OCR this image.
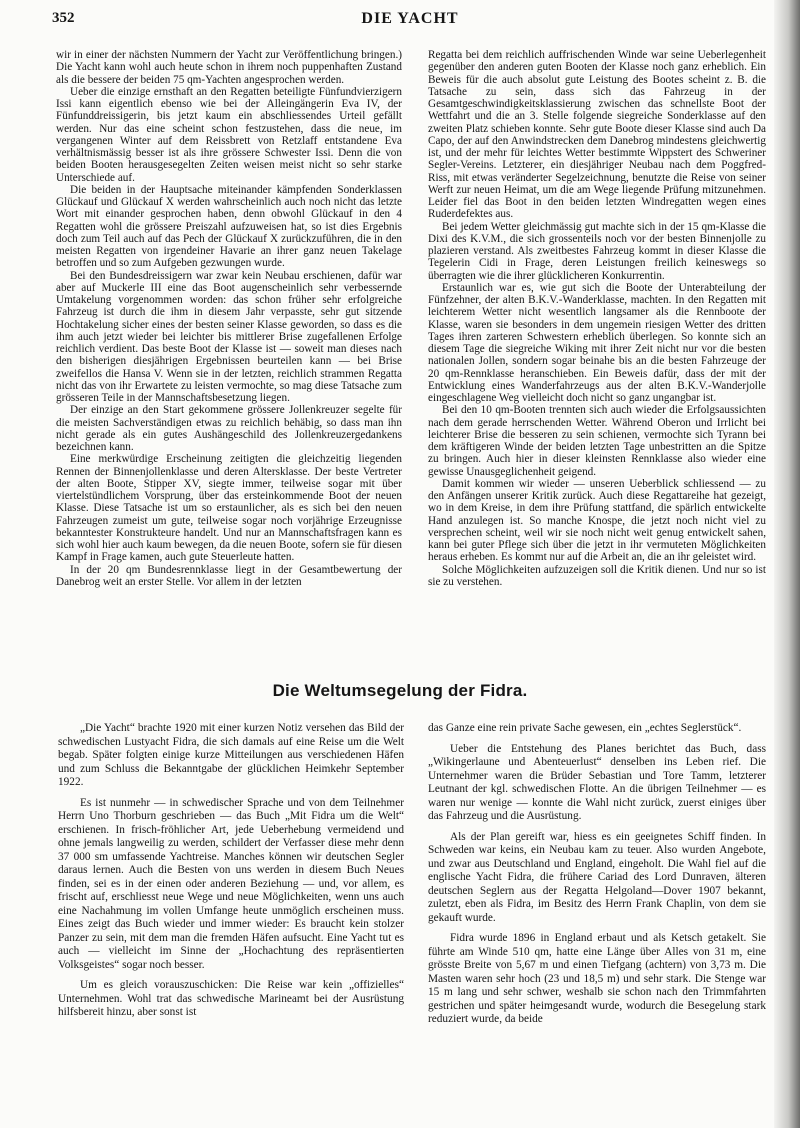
352	DIE YACHT

wir in einer der nächsten Nummern der Yacht zur Veröffentlichung bringen.) Die Yacht kann wohl auch heute schon in ihrem noch puppenhaften Zustand als die bessere der beiden 75 qm-Yachten angesprochen werden.

Ueber die einzige ernsthaft an den Regatten beteiligte Fünfundvierzigern Issi kann eigentlich ebenso wie bei der Alleingängerin Eva IV, der Fünfunddreissigerin, bis jetzt kaum ein abschliessendes Urteil gefällt werden. Nur das eine scheint schon festzustehen, dass die neue, im vergangenen Winter auf dem Reissbrett von Retzlaff entstandene Eva verhältnismässig besser ist als ihre grössere Schwester Issi. Denn die von beiden Booten herausgesegelten Zeiten weisen meist nicht so sehr starke Unterschiede auf.

Die beiden in der Hauptsache miteinander kämpfenden Sonderklassen Glückauf und Glückauf X werden wahrscheinlich auch noch nicht das letzte Wort mit einander gesprochen haben, denn obwohl Glückauf in den 4 Regatten wohl die grössere Preiszahl aufzuweisen hat, so ist dies Ergebnis doch zum Teil auch auf das Pech der Glückauf X zurückzuführen, die in den meisten Regatten von irgendeiner Havarie an ihrer ganz neuen Takelage betroffen und so zum Aufgeben gezwungen wurde.

Bei den Bundesdreissigern war zwar kein Neubau erschienen, dafür war aber auf Muckerle III eine das Boot augenscheinlich sehr verbessernde Umtakelung vorgenommen worden: das schon früher sehr erfolgreiche Fahrzeug ist durch die ihm in diesem Jahr verpasste, sehr gut sitzende Hochtakelung sicher eines der besten seiner Klasse geworden, so dass es die ihm auch jetzt wieder bei leichter bis mittlerer Brise zugefallenen Erfolge reichlich verdient. Das beste Boot der Klasse ist — soweit man dieses nach den bisherigen diesjährigen Ergebnissen beurteilen kann — bei Brise zweifellos die Hansa V. Wenn sie in der letzten, reichlich strammen Regatta nicht das von ihr Erwartete zu leisten vermochte, so mag diese Tatsache zum grösseren Teile in der Mannschaftsbesetzung liegen.

Der einzige an den Start gekommene grössere Jollenkreuzer segelte für die meisten Sachverständigen etwas zu reichlich behäbig, so dass man ihn nicht gerade als ein gutes Aushängeschild des Jollenkreuzergedankens bezeichnen kann.

Eine merkwürdige Erscheinung zeitigten die gleichzeitig liegenden Rennen der Binnenjollenklasse und deren Altersklasse. Der beste Vertreter der alten Boote, Stipper XV, siegte immer, teilweise sogar mit über viertelstündlichem Vorsprung, über das ersteinkommende Boot der neuen Klasse. Diese Tatsache ist um so erstaunlicher, als es sich bei den neuen Fahrzeugen zumeist um gute, teilweise sogar noch vorjährige Erzeugnisse bekanntester Konstrukteure handelt. Und nur an Mannschaftsfragen kann es sich wohl hier auch kaum bewegen, da die neuen Boote, sofern sie für diesen Kampf in Frage kamen, auch gute Steuerleute hatten.

In der 20 qm Bundesrennklasse liegt in der Gesamtbewertung der Danebrog weit an erster Stelle. Vor allem in der letzten

Regatta bei dem reichlich auffrischenden Winde war seine Ueberlegenheit gegenüber den anderen guten Booten der Klasse noch ganz erheblich. Ein Beweis für die auch absolut gute Leistung des Bootes scheint z. B. die Tatsache zu sein, dass sich das Fahrzeug in der Gesamtgeschwindigkeitsklassierung zwischen das schnellste Boot der Wettfahrt und die an 3. Stelle folgende siegreiche Sonderklasse auf den zweiten Platz schieben konnte. Sehr gute Boote dieser Klasse sind auch Da Capo, der auf den Anwindstrecken dem Danebrog mindestens gleichwertig ist, und der mehr für leichtes Wetter bestimmte Wippstert des Schweriner Segler-Vereins. Letzterer, ein diesjähriger Neubau nach dem Poggfred-Riss, mit etwas veränderter Segelzeichnung, benutzte die Reise von seiner Werft zur neuen Heimat, um die am Wege liegende Prüfung mitzunehmen. Leider fiel das Boot in den beiden letzten Windregatten wegen eines Ruderdefektes aus.

Bei jedem Wetter gleichmässig gut machte sich in der 15 qm-Klasse die Dixi des K.V.M., die sich grossenteils noch vor der besten Binnenjolle zu plazieren verstand. Als zweitbestes Fahrzeug kommt in dieser Klasse die Tegelerin Cidi in Frage, deren Leistungen freilich keineswegs so überragten wie die ihrer glücklicheren Konkurrentin.

Erstaunlich war es, wie gut sich die Boote der Unterabteilung der Fünfzehner, der alten B.K.V.-Wanderklasse, machten. In den Regatten mit leichterem Wetter nicht wesentlich langsamer als die Rennboote der Klasse, waren sie besonders in dem ungemein riesigen Wetter des dritten Tages ihren zarteren Schwestern erheblich überlegen. So konnte sich an diesem Tage die siegreiche Wiking mit ihrer Zeit nicht nur vor die besten nationalen Jollen, sondern sogar beinahe bis an die besten Fahrzeuge der 20 qm-Rennklasse heranschieben. Ein Beweis dafür, dass der mit der Entwicklung eines Wanderfahrzeugs aus der alten B.K.V.-Wanderjolle eingeschlagene Weg vielleicht doch nicht so ganz ungangbar ist.

Bei den 10 qm-Booten trennten sich auch wieder die Erfolgsaussichten nach dem gerade herrschenden Wetter. Während Oberon und Irrlicht bei leichterer Brise die besseren zu sein schienen, vermochte sich Tyrann bei dem kräftigeren Winde der beiden letzten Tage unbestritten an die Spitze zu bringen. Auch hier in dieser kleinsten Rennklasse also wieder eine gewisse Unausgeglichenheit geigend.

Damit kommen wir wieder — unseren Ueberblick schliessend — zu den Anfängen unserer Kritik zurück. Auch diese Regattareihe hat gezeigt, wo in dem Kreise, in dem ihre Prüfung stattfand, die spärlich entwickelte Hand anzulegen ist. So manche Knospe, die jetzt noch nicht viel zu versprechen scheint, weil wir sie noch nicht weit genug entwickelt sahen, kann bei guter Pflege sich über die jetzt in ihr vermuteten Möglichkeiten heraus erheben. Es kommt nur auf die Arbeit an, die an ihr geleistet wird.

Solche Möglichkeiten aufzuzeigen soll die Kritik dienen. Und nur so ist sie zu verstehen.

Die Weltumsegelung der Fidra.

„Die Yacht“ brachte 1920 mit einer kurzen Notiz versehen das Bild der schwedischen Lustyacht Fidra, die sich damals auf eine Reise um die Welt begab. Später folgten einige kurze Mitteilungen aus verschiedenen Häfen und zum Schluss die Bekanntgabe der glücklichen Heimkehr September 1922.

Es ist nunmehr — in schwedischer Sprache und von dem Teilnehmer Herrn Uno Thorburn geschrieben — das Buch „Mit Fidra um die Welt“ erschienen. In frisch-fröhlicher Art, jede Ueberhebung vermeidend und ohne jemals langweilig zu werden, schildert der Verfasser diese mehr denn 37 000 sm umfassende Yachtreise. Manches können wir deutschen Segler daraus lernen. Auch die Besten von uns werden in diesem Buch Neues finden, sei es in der einen oder anderen Beziehung — und, vor allem, es frischt auf, erschliesst neue Wege und neue Möglichkeiten, wenn uns auch eine Nachahmung im vollen Umfange heute unmöglich erscheinen muss. Eines zeigt das Buch wieder und immer wieder: Es braucht kein stolzer Panzer zu sein, mit dem man die fremden Häfen aufsucht. Eine Yacht tut es auch — vielleicht im Sinne der „Hochachtung des repräsentierten Volksgeistes“ sogar noch besser.

Um es gleich vorauszuschicken: Die Reise war kein „offizielles“ Unternehmen. Wohl trat das schwedische Marineamt bei der Ausrüstung hilfsbereit hinzu, aber sonst ist

das Ganze eine rein private Sache gewesen, ein „echtes Seglerstück“.

Ueber die Entstehung des Planes berichtet das Buch, dass „Wikingerlaune und Abenteuerlust“ denselben ins Leben rief. Die Unternehmer waren die Brüder Sebastian und Tore Tamm, letzterer Leutnant der kgl. schwedischen Flotte. An die übrigen Teilnehmer — es waren nur wenige — konnte die Wahl nicht zurück, zuerst einiges über das Fahrzeug und die Ausrüstung.

Als der Plan gereift war, hiess es ein geeignetes Schiff finden. In Schweden war keins, ein Neubau kam zu teuer. Also wurden Angebote, und zwar aus Deutschland und England, eingeholt. Die Wahl fiel auf die englische Yacht Fidra, die frühere Cariad des Lord Dunraven, älteren deutschen Seglern aus der Regatta Helgoland—Dover 1907 bekannt, zuletzt, eben als Fidra, im Besitz des Herrn Frank Chaplin, von dem sie gekauft wurde.

Fidra wurde 1896 in England erbaut und als Ketsch getakelt. Sie führte am Winde 510 qm, hatte eine Länge über Alles von 31 m, eine grösste Breite von 5,67 m und einen Tiefgang (achtern) von 3,73 m. Die Masten waren sehr hoch (23 und 18,5 m) und sehr stark. Die Stenge war 15 m lang und sehr schwer, weshalb sie schon nach den Trimmfahrten gestrichen und später heimgesandt wurde, wodurch die Besegelung stark reduziert wurde, da beide
